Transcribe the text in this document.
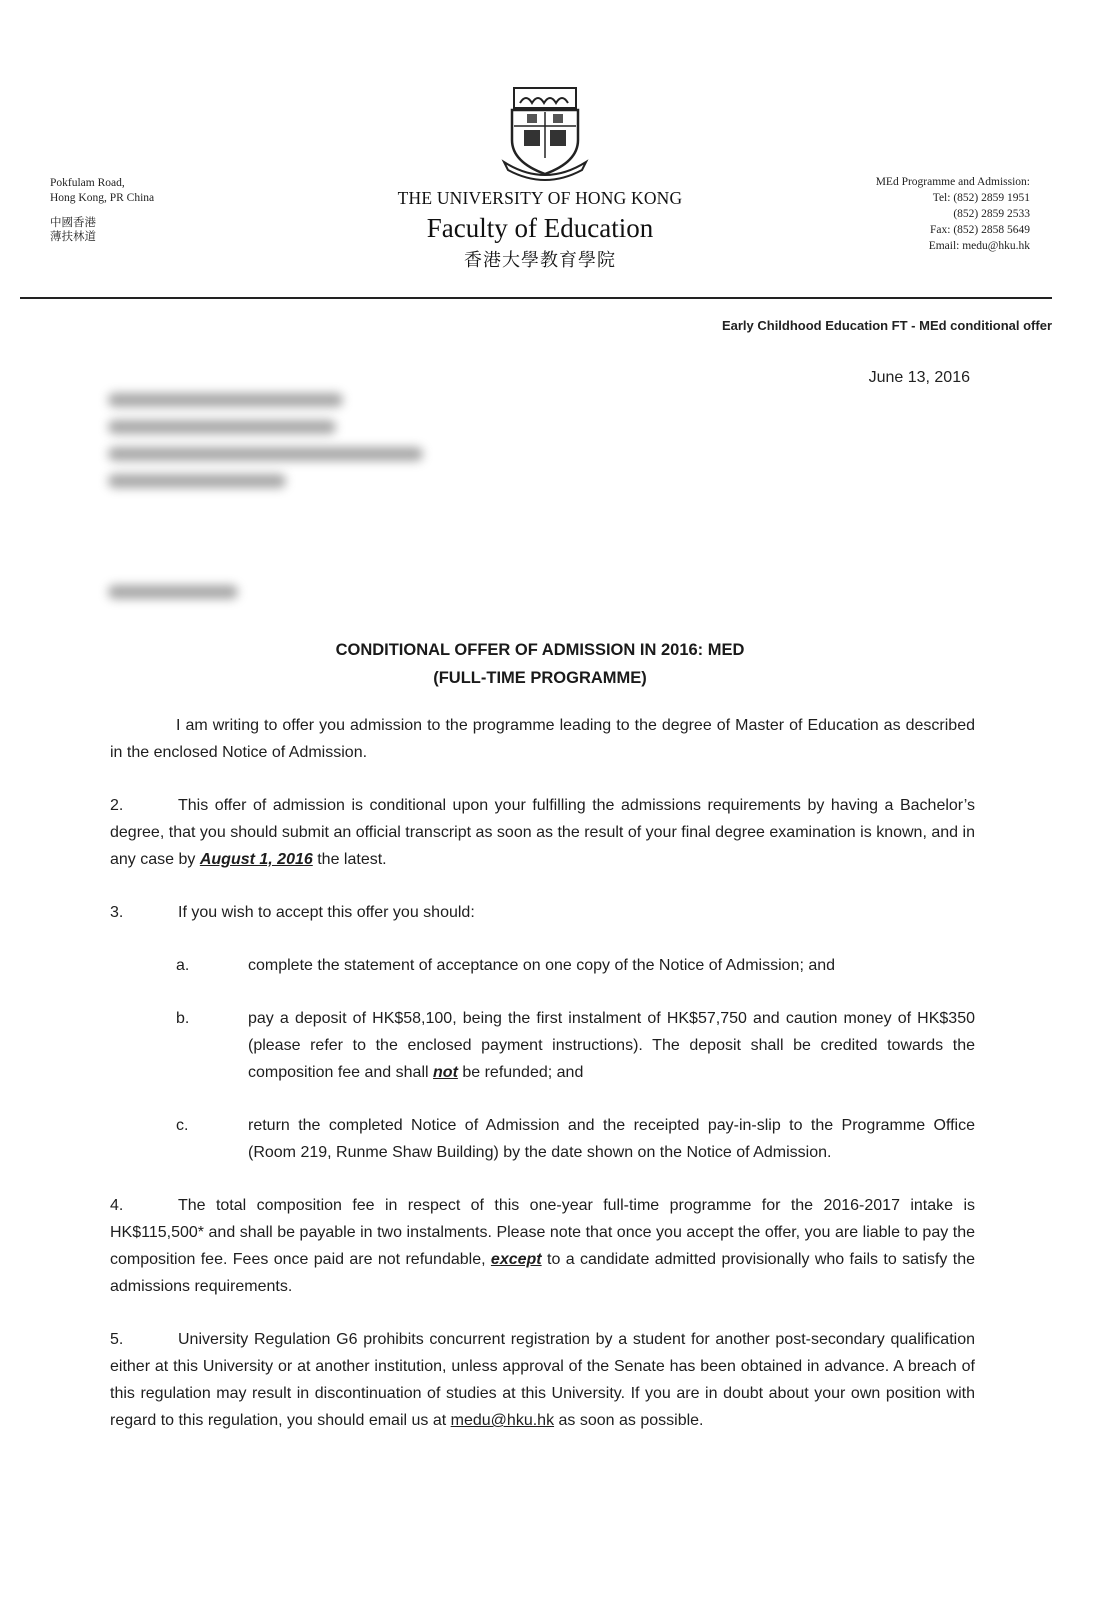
Pokfulam Road,
Hong Kong, PR China
中國香港
薄扶林道
THE UNIVERSITY OF HONG KONG
Faculty of Education
香港大學教育學院
MEd Programme and Admission:
Tel: (852) 2859 1951
(852) 2859 2533
Fax: (852) 2858 5649
Email: medu@hku.hk
Early Childhood Education FT - MEd conditional offer
June 13, 2016
CONDITIONAL OFFER OF ADMISSION IN 2016: MED
(FULL-TIME PROGRAMME)

I am writing to offer you admission to the programme leading to the degree of Master of Education as described in the enclosed Notice of Admission.

2.	This offer of admission is conditional upon your fulfilling the admissions requirements by having a Bachelor’s degree, that you should submit an official transcript as soon as the result of your final degree examination is known, and in any case by August 1, 2016 the latest.

3.	If you wish to accept this offer you should:

a.	complete the statement of acceptance on one copy of the Notice of Admission; and
b.	pay a deposit of HK$58,100, being the first instalment of HK$57,750 and caution money of HK$350 (please refer to the enclosed payment instructions). The deposit shall be credited towards the composition fee and shall not be refunded; and
c.	return the completed Notice of Admission and the receipted pay-in-slip to the Programme Office (Room 219, Runme Shaw Building) by the date shown on the Notice of Admission.

4.	The total composition fee in respect of this one-year full-time programme for the 2016-2017 intake is HK$115,500* and shall be payable in two instalments. Please note that once you accept the offer, you are liable to pay the composition fee. Fees once paid are not refundable, except to a candidate admitted provisionally who fails to satisfy the admissions requirements.

5.	University Regulation G6 prohibits concurrent registration by a student for another post-secondary qualification either at this University or at another institution, unless approval of the Senate has been obtained in advance. A breach of this regulation may result in discontinuation of studies at this University. If you are in doubt about your own position with regard to this regulation, you should email us at medu@hku.hk as soon as possible.
